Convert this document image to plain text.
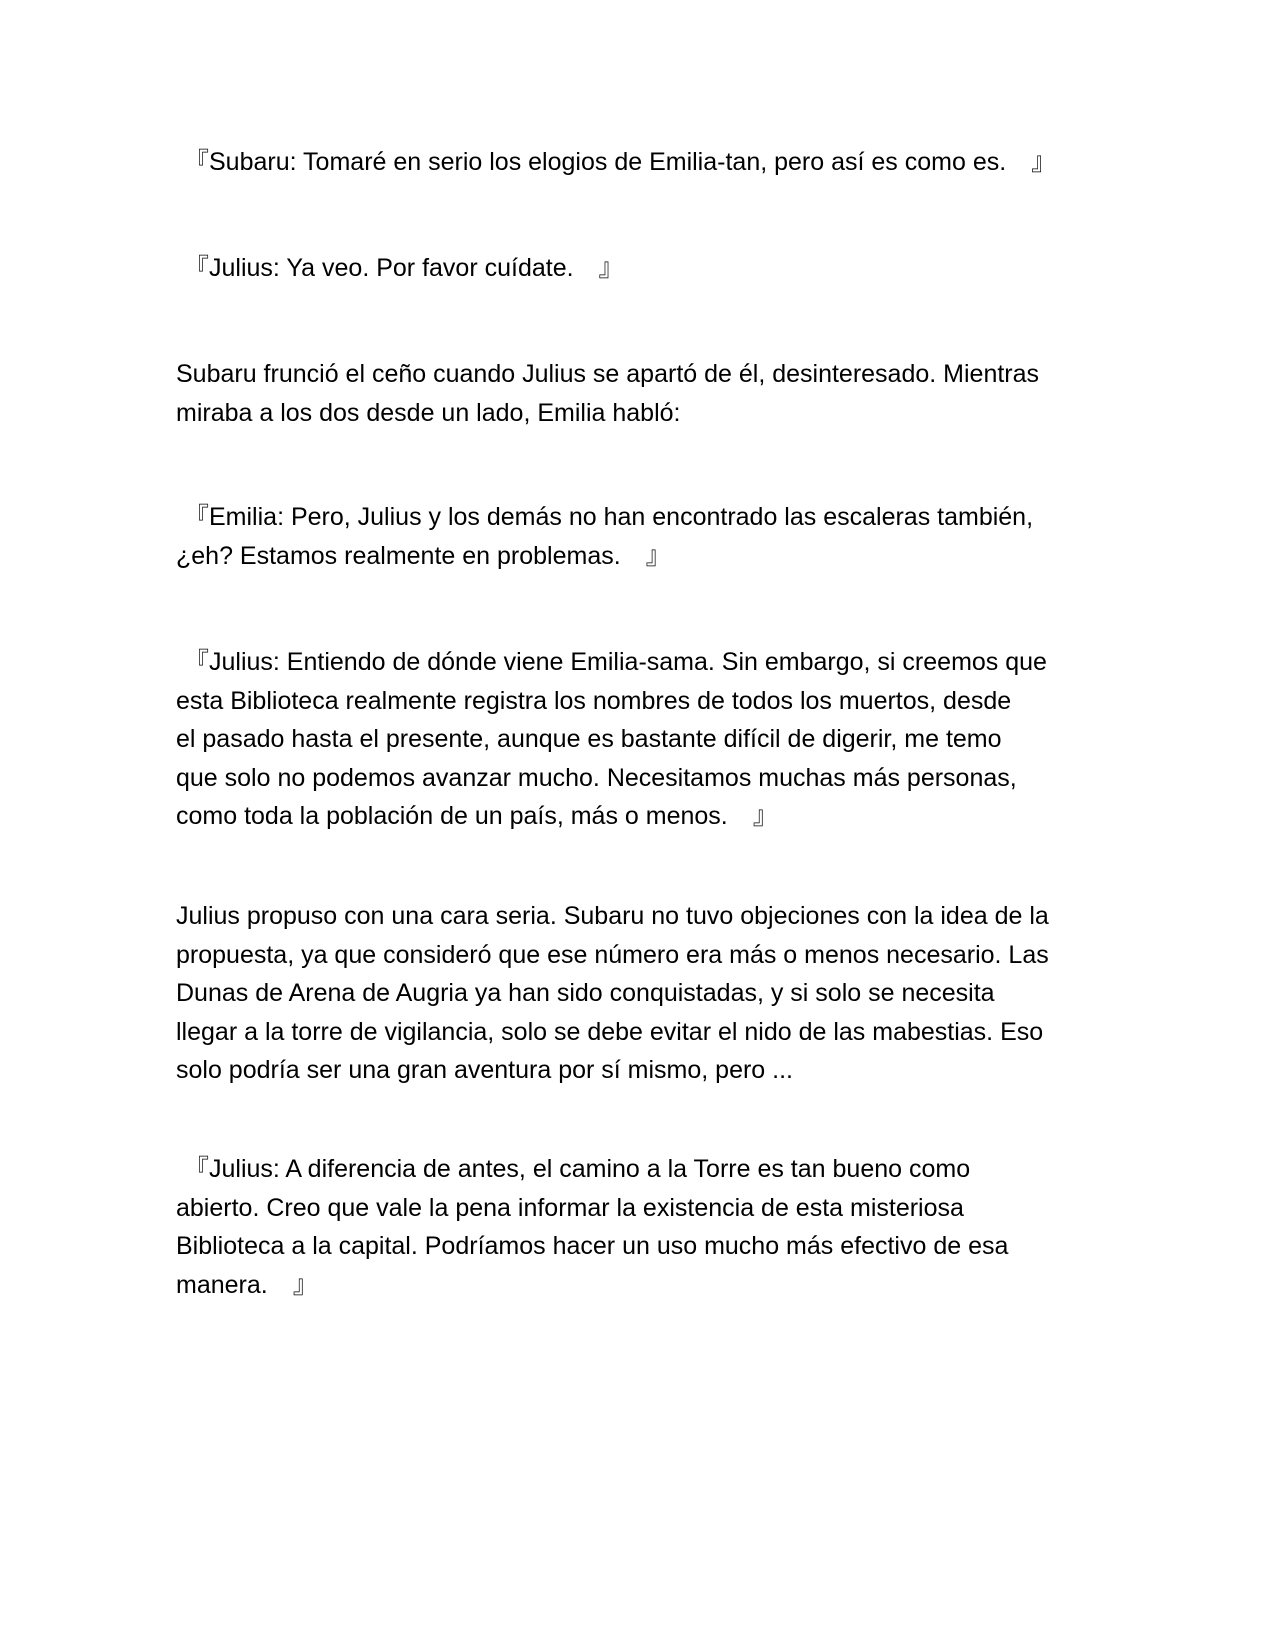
『Subaru: Tomaré en serio los elogios de Emilia-tan, pero así es como es.　』

『Julius: Ya veo. Por favor cuídate.　』

Subaru frunció el ceño cuando Julius se apartó de él, desinteresado. Mientras
miraba a los dos desde un lado, Emilia habló:

『Emilia: Pero, Julius y los demás no han encontrado las escaleras también,
¿eh? Estamos realmente en problemas.　』

『Julius: Entiendo de dónde viene Emilia-sama. Sin embargo, si creemos que
esta Biblioteca realmente registra los nombres de todos los muertos, desde
el pasado hasta el presente, aunque es bastante difícil de digerir, me temo
que solo no podemos avanzar mucho. Necesitamos muchas más personas,
como toda la población de un país, más o menos.　』

Julius propuso con una cara seria. Subaru no tuvo objeciones con la idea de la
propuesta, ya que consideró que ese número era más o menos necesario. Las
Dunas de Arena de Augria ya han sido conquistadas, y si solo se necesita
llegar a la torre de vigilancia, solo se debe evitar el nido de las mabestias. Eso
solo podría ser una gran aventura por sí mismo, pero ...

『Julius: A diferencia de antes, el camino a la Torre es tan bueno como
abierto. Creo que vale la pena informar la existencia de esta misteriosa
Biblioteca a la capital. Podríamos hacer un uso mucho más efectivo de esa
manera.　』
